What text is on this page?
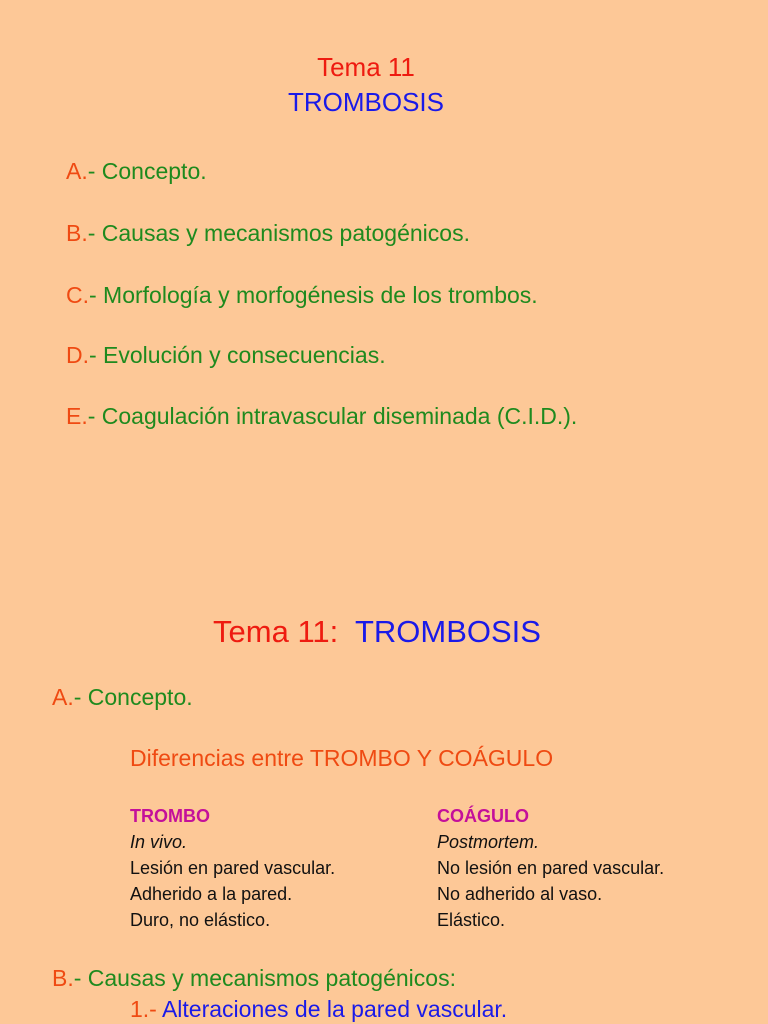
Tema 11
TROMBOSIS
A.- Concepto.
B.- Causas y mecanismos patogénicos.
C.- Morfología y morfogénesis de los trombos.
D.- Evolución y consecuencias.
E.- Coagulación intravascular diseminada (C.I.D.).
Tema 11: TROMBOSIS
A.- Concepto.
Diferencias entre TROMBO Y COÁGULO
TROMBO
In vivo.
Lesión en pared vascular.
Adherido a la pared.
Duro, no elástico.
COÁGULO
Postmortem.
No lesión en pared vascular.
No adherido al vaso.
Elástico.
B.- Causas y mecanismos patogénicos:
1.- Alteraciones de la pared vascular.
